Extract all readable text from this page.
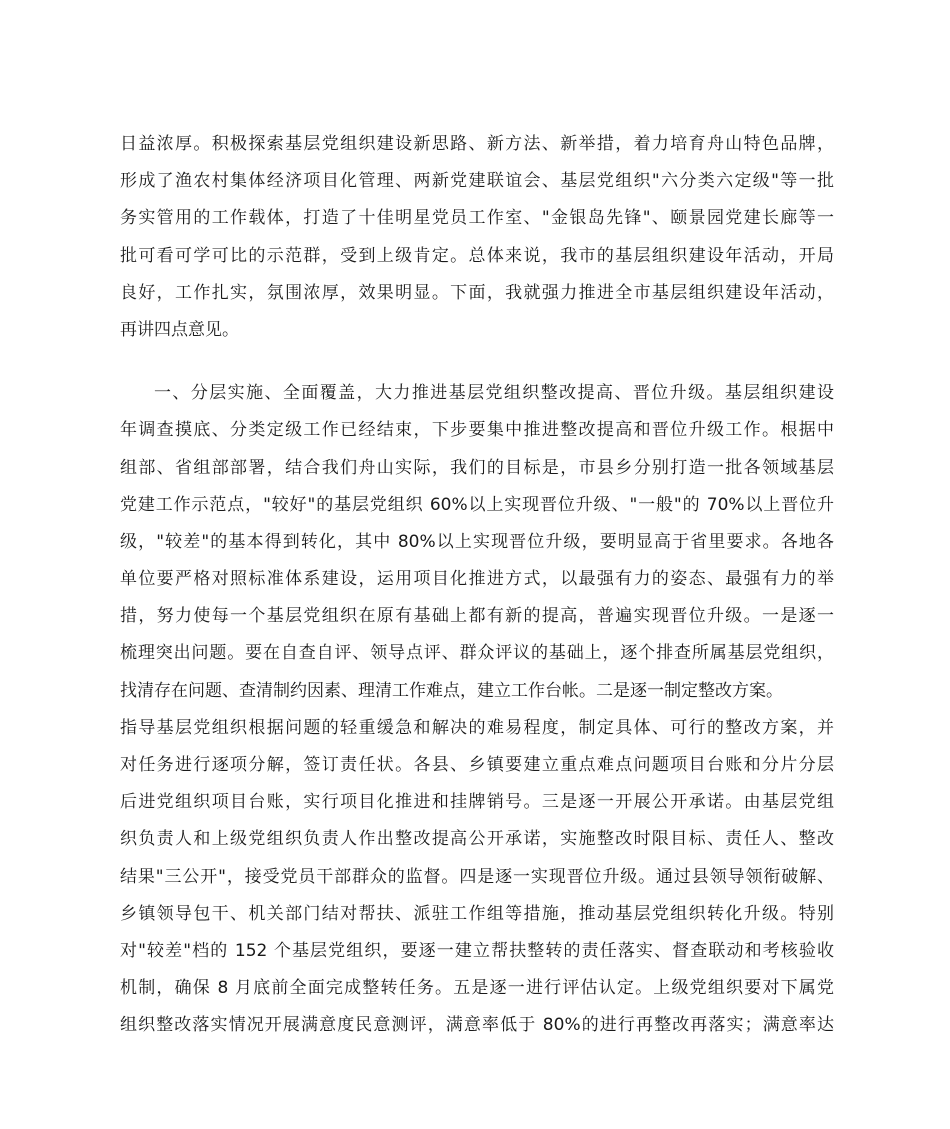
日益浓厚。积极探索基层党组织建设新思路、新方法、新举措，着力培育舟山特色品牌，
形成了渔农村集体经济项目化管理、两新党建联谊会、基层党组织"六分类六定级"等一批
务实管用的工作载体，打造了十佳明星党员工作室、"金银岛先锋"、颐景园党建长廊等一
批可看可学可比的示范群，受到上级肯定。总体来说，我市的基层组织建设年活动，开局
良好，工作扎实，氛围浓厚，效果明显。下面，我就强力推进全市基层组织建设年活动，
再讲四点意见。
一、分层实施、全面覆盖，大力推进基层党组织整改提高、晋位升级。基层组织建设
年调查摸底、分类定级工作已经结束，下步要集中推进整改提高和晋位升级工作。根据中
组部、省组部部署，结合我们舟山实际，我们的目标是，市县乡分别打造一批各领域基层
党建工作示范点，"较好"的基层党组织 60%以上实现晋位升级、"一般"的 70%以上晋位升
级，"较差"的基本得到转化，其中 80%以上实现晋位升级，要明显高于省里要求。各地各
单位要严格对照标准体系建设，运用项目化推进方式，以最强有力的姿态、最强有力的举
措，努力使每一个基层党组织在原有基础上都有新的提高，普遍实现晋位升级。一是逐一
梳理突出问题。要在自查自评、领导点评、群众评议的基础上，逐个排查所属基层党组织，
找清存在问题、查清制约因素、理清工作难点，建立工作台帐。二是逐一制定整改方案。
指导基层党组织根据问题的轻重缓急和解决的难易程度，制定具体、可行的整改方案，并
对任务进行逐项分解，签订责任状。各县、乡镇要建立重点难点问题项目台账和分片分层
后进党组织项目台账，实行项目化推进和挂牌销号。三是逐一开展公开承诺。由基层党组
织负责人和上级党组织负责人作出整改提高公开承诺，实施整改时限目标、责任人、整改
结果"三公开"，接受党员干部群众的监督。四是逐一实现晋位升级。通过县领导领衔破解、
乡镇领导包干、机关部门结对帮扶、派驻工作组等措施，推动基层党组织转化升级。特别
对"较差"档的 152 个基层党组织，要逐一建立帮扶整转的责任落实、督查联动和考核验收
机制，确保 8 月底前全面完成整转任务。五是逐一进行评估认定。上级党组织要对下属党
组织整改落实情况开展满意度民意测评，满意率低于 80%的进行再整改再落实；满意率达
